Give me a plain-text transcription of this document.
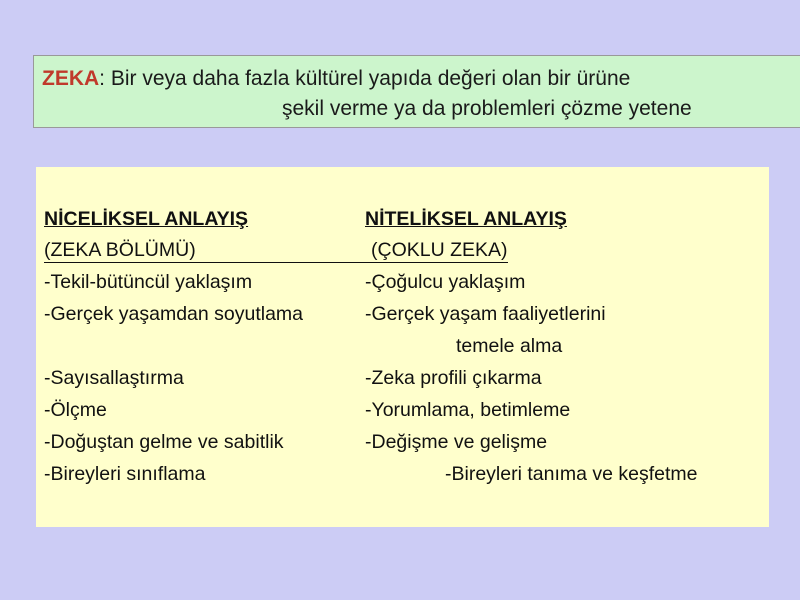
ZEKA: Bir veya daha fazla kültürel yapıda değeri olan bir ürüne
şekil verme ya da problemleri çözme yetene
NİCELİKSEL ANLAYIŞ	NİTELİKSEL ANLAYIŞ
(ZEKA BÖLÜMÜ)	(ÇOKLU ZEKA)
-Tekil-bütüncül yaklaşım	-Çoğulcu yaklaşım
-Gerçek yaşamdan soyutlama	-Gerçek yaşam faaliyetlerini
temele alma
-Sayısallaştırma	-Zeka profili çıkarma
-Ölçme	-Yorumlama, betimleme
-Doğuştan gelme ve sabitlik	-Değişme ve gelişme
-Bireyleri sınıflama	-Bireyleri tanıma ve keşfetme
